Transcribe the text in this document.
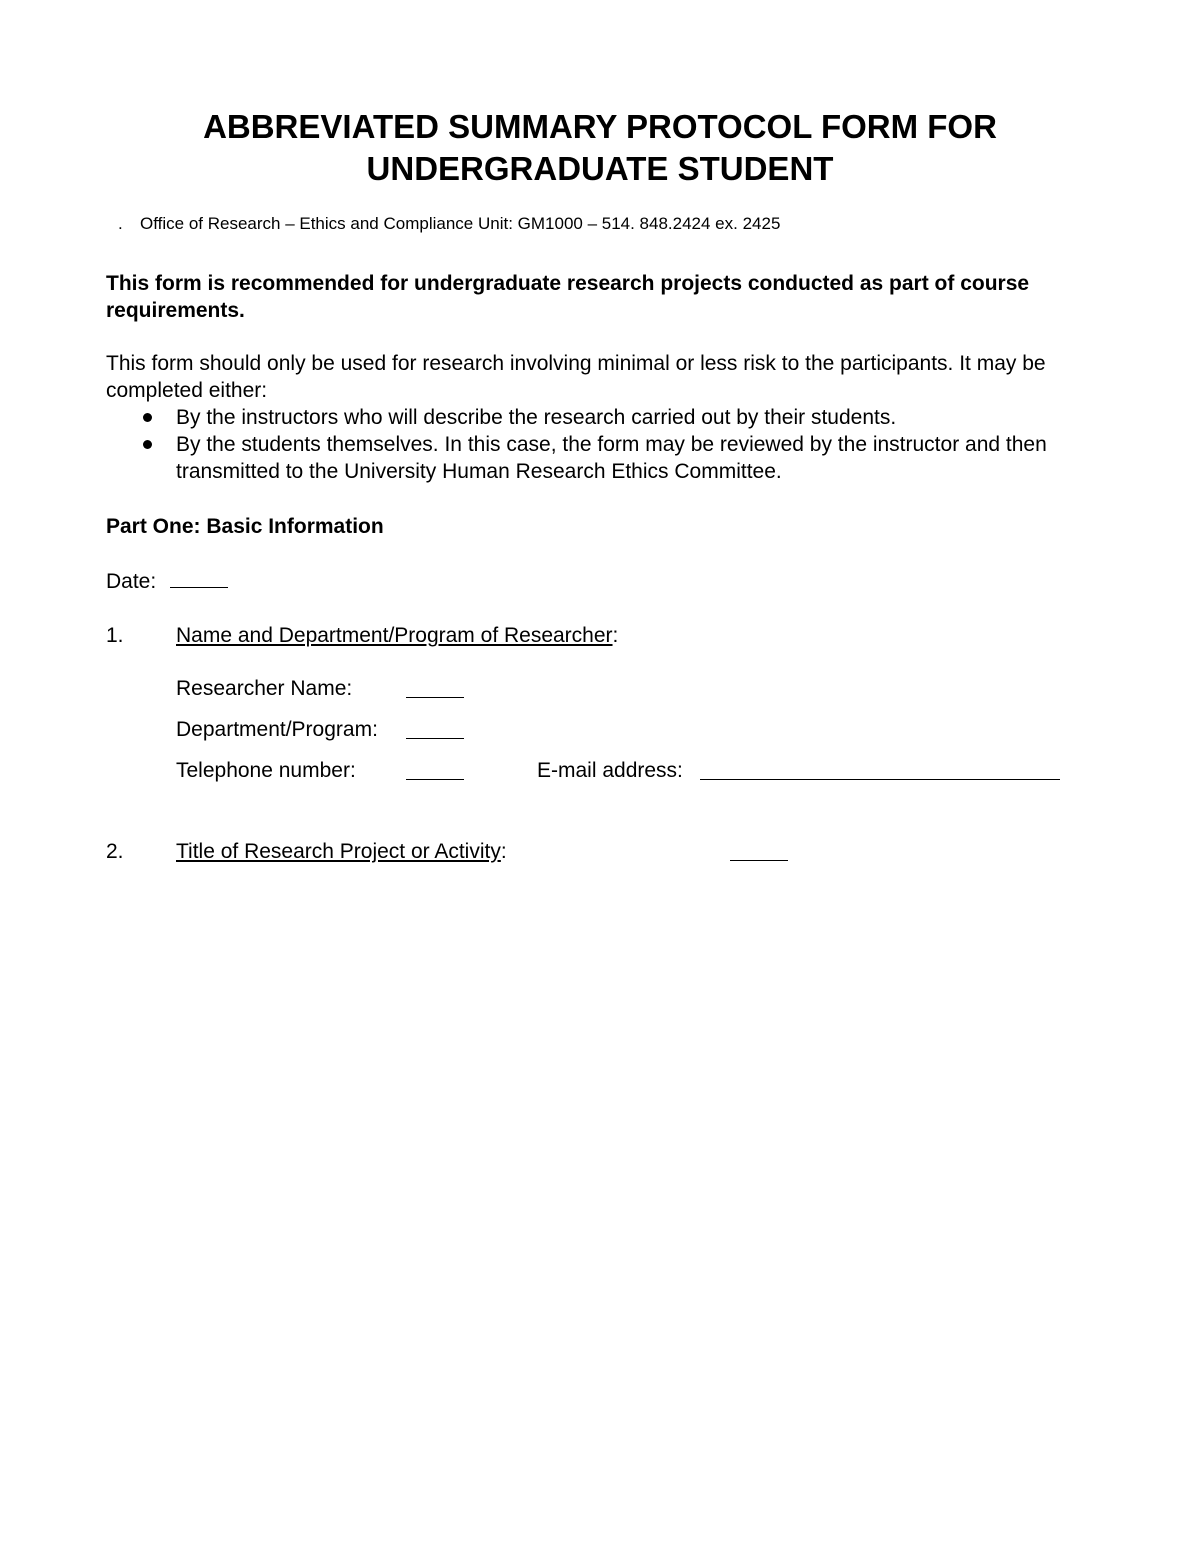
ABBREVIATED SUMMARY PROTOCOL FORM FOR
UNDERGRADUATE STUDENT
. Office of Research – Ethics and Compliance Unit: GM1000 – 514. 848.2424 ex. 2425
This form is recommended for undergraduate research projects conducted as part of course requirements.
This form should only be used for research involving minimal or less risk to the participants. It may be completed either:
By the instructors who will describe the research carried out by their students.
By the students themselves. In this case, the form may be reviewed by the instructor and then transmitted to the University Human Research Ethics Committee.
Part One: Basic Information
Date:
1. Name and Department/Program of Researcher:
Researcher Name:
Department/Program:
Telephone number:	E-mail address:
2. Title of Research Project or Activity:
